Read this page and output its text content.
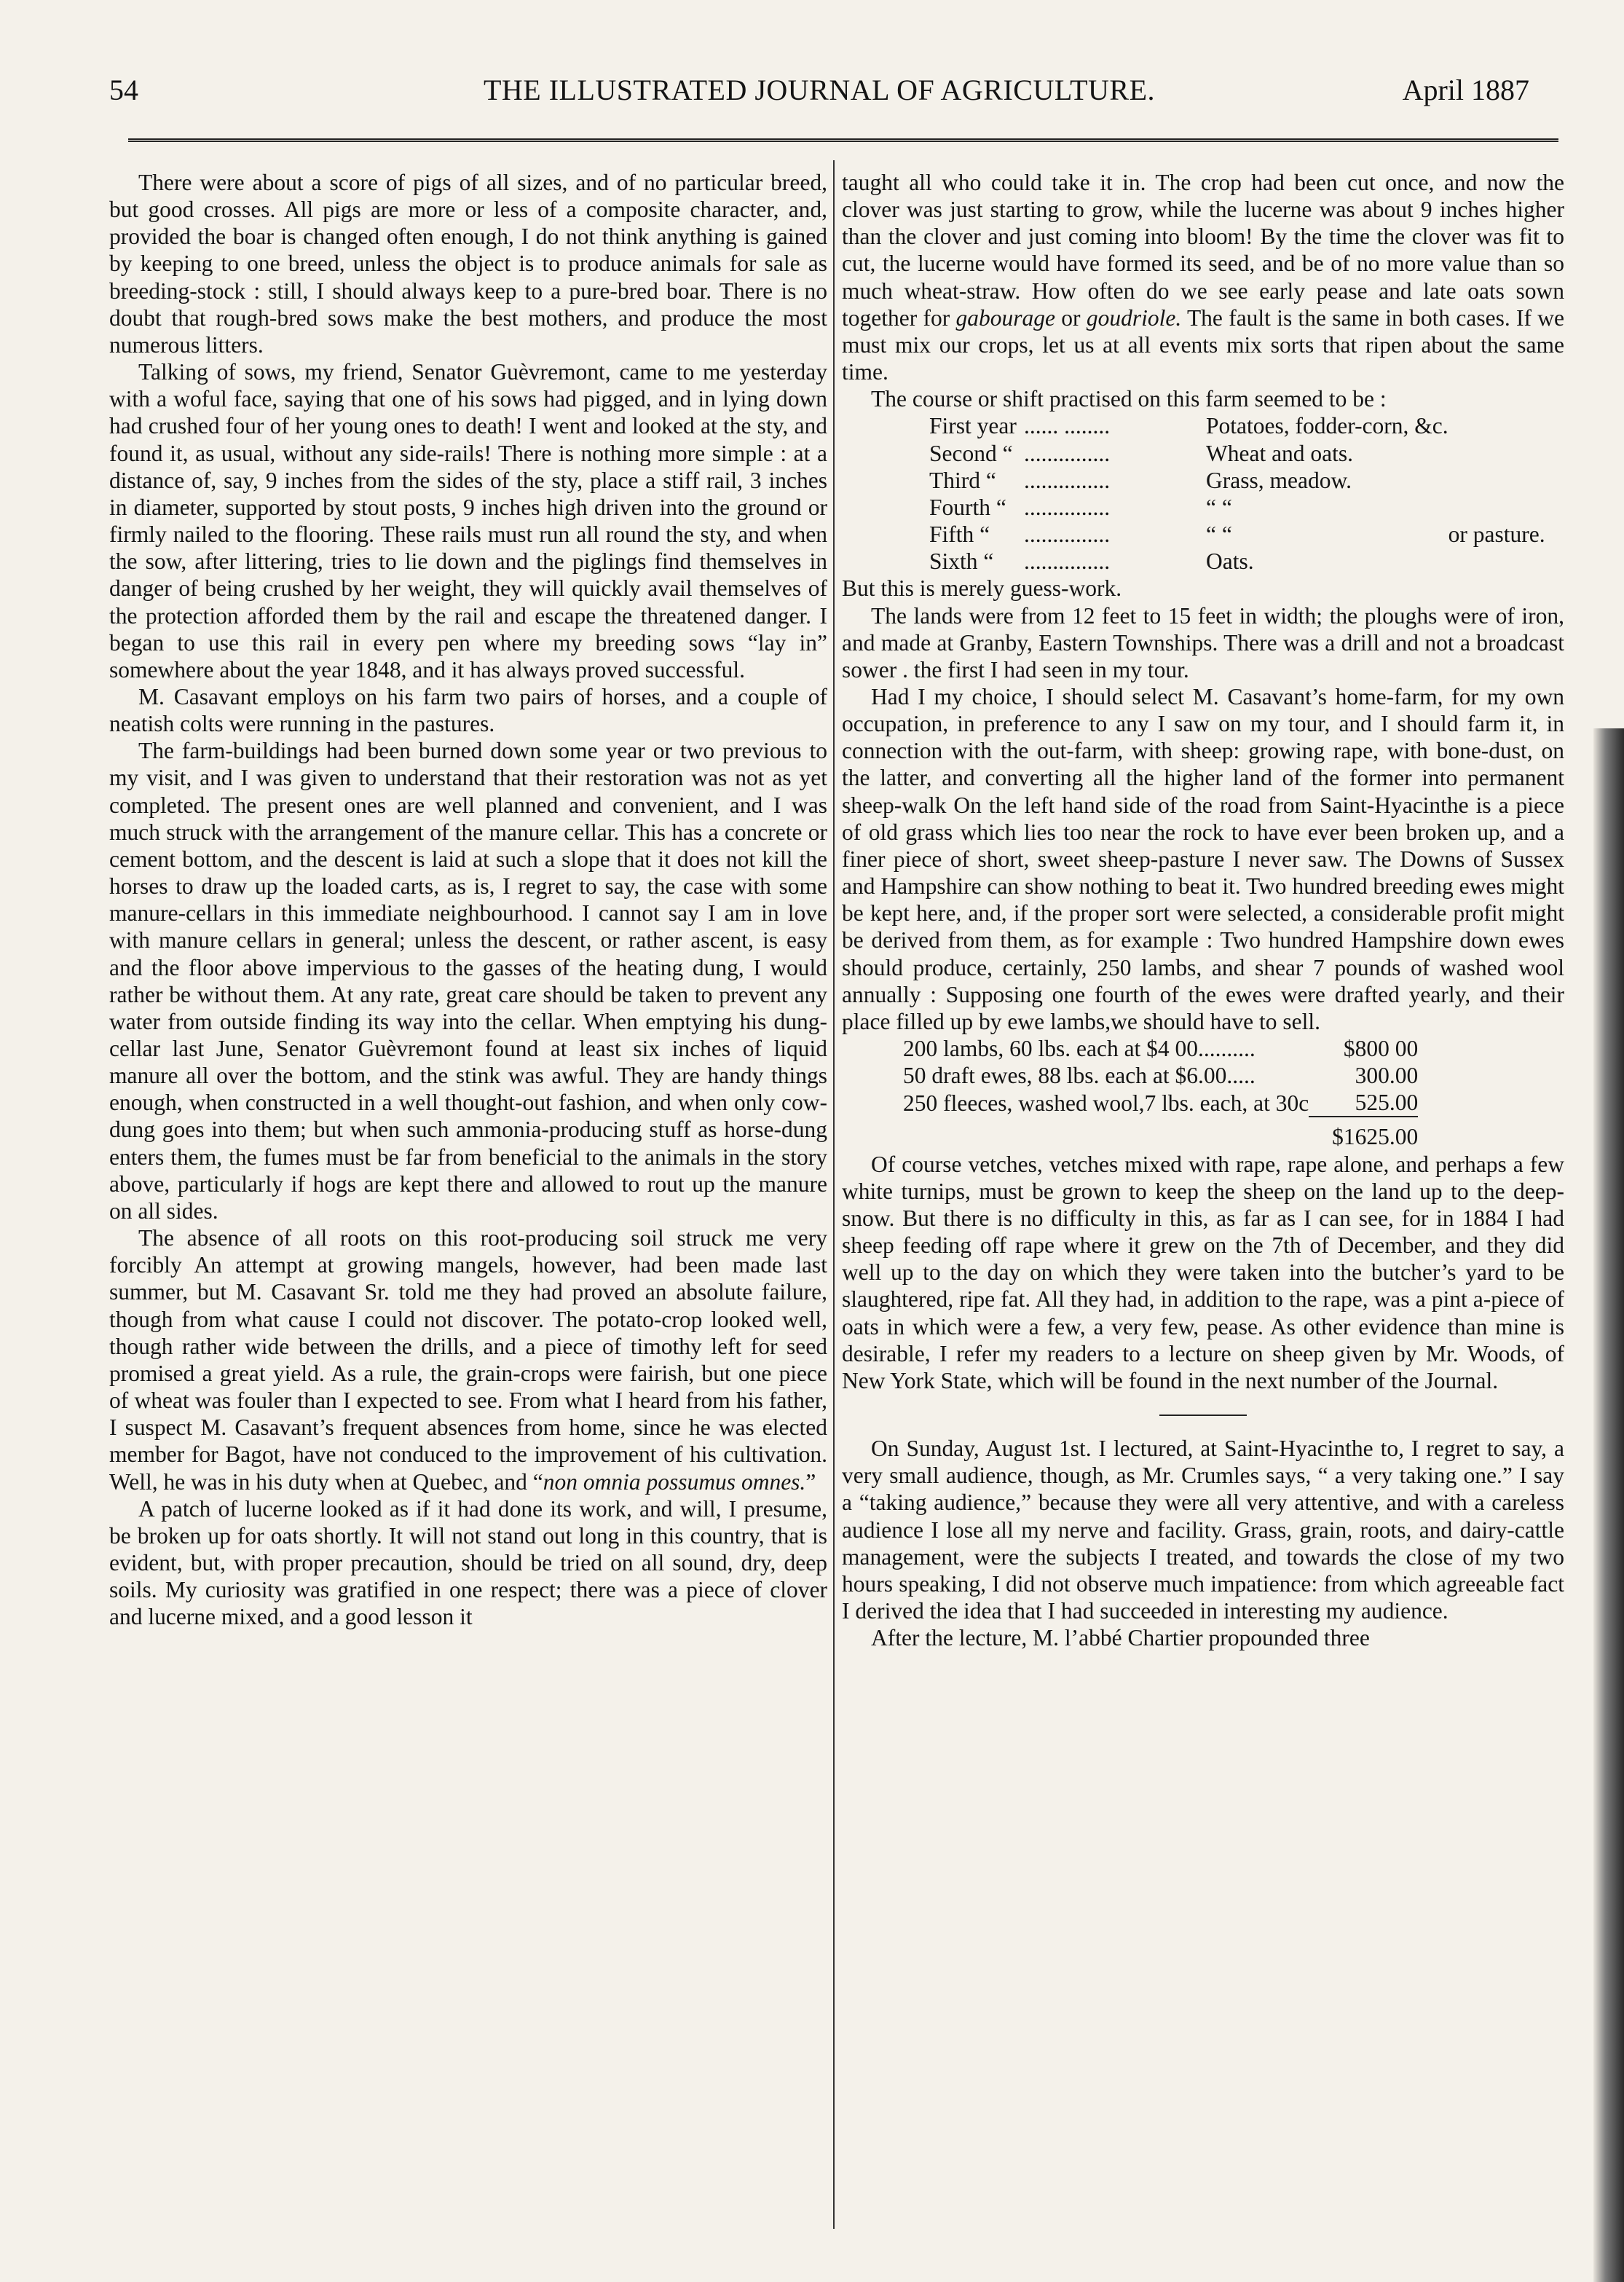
54	THE ILLUSTRATED JOURNAL OF AGRICULTURE.	April 1887

There were about a score of pigs of all sizes, and of no particular breed, but good crosses. All pigs are more or less of a composite character, and, provided the boar is changed often enough, I do not think anything is gained by keeping to one breed, unless the object is to produce animals for sale as breeding-stock : still, I should always keep to a pure-bred boar. There is no doubt that rough-bred sows make the best mothers, and produce the most numerous litters.

Talking of sows, my friend, Senator Guèvremont, came to me yesterday with a woful face, saying that one of his sows had pigged, and in lying down had crushed four of her young ones to death! I went and looked at the sty, and found it, as usual, without any side-rails! There is nothing more simple : at a distance of, say, 9 inches from the sides of the sty, place a stiff rail, 3 inches in diameter, supported by stout posts, 9 inches high driven into the ground or firmly nailed to the flooring. These rails must run all round the sty, and when the sow, after littering, tries to lie down and the piglings find themselves in danger of being crushed by her weight, they will quickly avail themselves of the protection afforded them by the rail and escape the threatened danger. I began to use this rail in every pen where my breeding sows “lay in” somewhere about the year 1848, and it has always proved successful.

M. Casavant employs on his farm two pairs of horses, and a couple of neatish colts were running in the pastures.

The farm-buildings had been burned down some year or two previous to my visit, and I was given to understand that their restoration was not as yet completed. The present ones are well planned and convenient, and I was much struck with the arrangement of the manure cellar. This has a concrete or cement bottom, and the descent is laid at such a slope that it does not kill the horses to draw up the loaded carts, as is, I regret to say, the case with some manure-cellars in this immediate neighbourhood. I cannot say I am in love with manure cellars in general; unless the descent, or rather ascent, is easy and the floor above impervious to the gasses of the heating dung, I would rather be without them. At any rate, great care should be taken to prevent any water from outside finding its way into the cellar. When emptying his dung-cellar last June, Senator Guèvremont found at least six inches of liquid manure all over the bottom, and the stink was awful. They are handy things enough, when constructed in a well thought-out fashion, and when only cow-dung goes into them; but when such ammonia-producing stuff as horse-dung enters them, the fumes must be far from beneficial to the animals in the story above, particularly if hogs are kept there and allowed to rout up the manure on all sides.

The absence of all roots on this root-producing soil struck me very forcibly An attempt at growing mangels, however, had been made last summer, but M. Casavant Sr. told me they had proved an absolute failure, though from what cause I could not discover. The potato-crop looked well, though rather wide between the drills, and a piece of timothy left for seed promised a great yield. As a rule, the grain-crops were fairish, but one piece of wheat was fouler than I expected to see. From what I heard from his father, I suspect M. Casavant’s frequent absences from home, since he was elected member for Bagot, have not conduced to the improvement of his cultivation. Well, he was in his duty when at Quebec, and “non omnia possumus omnes.”

A patch of lucerne looked as if it had done its work, and will, I presume, be broken up for oats shortly. It will not stand out long in this country, that is evident, but, with proper precaution, should be tried on all sound, dry, deep soils. My curiosity was gratified in one respect; there was a piece of clover and lucerne mixed, and a good lesson it

taught all who could take it in. The crop had been cut once, and now the clover was just starting to grow, while the lucerne was about 9 inches higher than the clover and just coming into bloom! By the time the clover was fit to cut, the lucerne would have formed its seed, and be of no more value than so much wheat-straw. How often do we see early pease and late oats sown together for gabourage or goudriole. The fault is the same in both cases. If we must mix our crops, let us at all events mix sorts that ripen about the same time.

The course or shift practised on this farm seemed to be :

First year	...... ........	Potatoes, fodder-corn, &c.	
Second “	...............	Wheat and oats.	
Third “	...............	Grass, meadow.	
Fourth “	...............	“ “	
Fifth “	...............	“ “	or pasture.
Sixth “	...............	Oats.	

But this is merely guess-work.

The lands were from 12 feet to 15 feet in width; the ploughs were of iron, and made at Granby, Eastern Townships. There was a drill and not a broadcast sower . the first I had seen in my tour.

Had I my choice, I should select M. Casavant’s home-farm, for my own occupation, in preference to any I saw on my tour, and I should farm it, in connection with the out-farm, with sheep: growing rape, with bone-dust, on the latter, and converting all the higher land of the former into permanent sheep-walk On the left hand side of the road from Saint-Hyacinthe is a piece of old grass which lies too near the rock to have ever been broken up, and a finer piece of short, sweet sheep-pasture I never saw. The Downs of Sussex and Hampshire can show nothing to beat it. Two hundred breeding ewes might be kept here, and, if the proper sort were selected, a considerable profit might be derived from them, as for example : Two hundred Hampshire down ewes should produce, certainly, 250 lambs, and shear 7 pounds of washed wool annually : Supposing one fourth of the ewes were drafted yearly, and their place filled up by ewe lambs,we should have to sell.

200 lambs, 60 lbs. each at $4 00..........	$800 00
50 draft ewes, 88 lbs. each at $6.00.....	300.00
250 fleeces, washed wool,7 lbs. each, at 30c	525.00
	$1625.00

Of course vetches, vetches mixed with rape, rape alone, and perhaps a few white turnips, must be grown to keep the sheep on the land up to the deep-snow. But there is no difficulty in this, as far as I can see, for in 1884 I had sheep feeding off rape where it grew on the 7th of December, and they did well up to the day on which they were taken into the butcher’s yard to be slaughtered, ripe fat. All they had, in addition to the rape, was a pint a-piece of oats in which were a few, a very few, pease. As other evidence than mine is desirable, I refer my readers to a lecture on sheep given by Mr. Woods, of New York State, which will be found in the next number of the Journal.

On Sunday, August 1st. I lectured, at Saint-Hyacinthe to, I regret to say, a very small audience, though, as Mr. Crumles says, “ a very taking one.” I say a “taking audience,” because they were all very attentive, and with a careless audience I lose all my nerve and facility. Grass, grain, roots, and dairy-cattle management, were the subjects I treated, and towards the close of my two hours speaking, I did not observe much impatience: from which agreeable fact I derived the idea that I had succeeded in interesting my audience.

After the lecture, M. l’abbé Chartier propounded three
